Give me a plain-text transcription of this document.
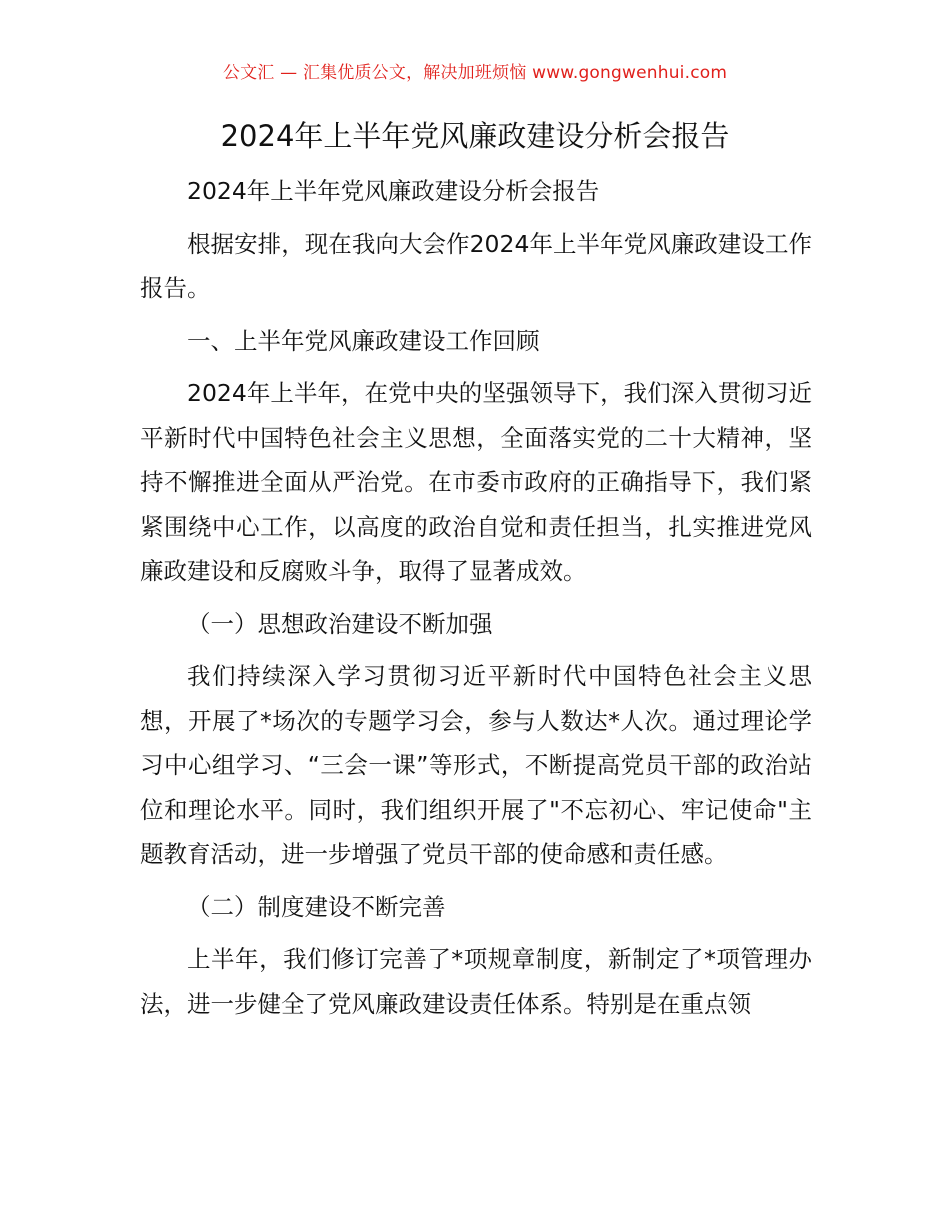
公文汇 — 汇集优质公文，解决加班烦恼 www.gongwenhui.com
2024年上半年党风廉政建设分析会报告

2024年上半年党风廉政建设分析会报告

根据安排，现在我向大会作2024年上半年党风廉政建设工作报告。

一、上半年党风廉政建设工作回顾

2024年上半年，在党中央的坚强领导下，我们深入贯彻习近平新时代中国特色社会主义思想，全面落实党的二十大精神，坚持不懈推进全面从严治党。在市委市政府的正确指导下，我们紧紧围绕中心工作，以高度的政治自觉和责任担当，扎实推进党风廉政建设和反腐败斗争，取得了显著成效。

（一）思想政治建设不断加强

我们持续深入学习贯彻习近平新时代中国特色社会主义思想，开展了*场次的专题学习会，参与人数达*人次。通过理论学习中心组学习、“三会一课”等形式，不断提高党员干部的政治站位和理论水平。同时，我们组织开展了"不忘初心、牢记使命"主题教育活动，进一步增强了党员干部的使命感和责任感。

（二）制度建设不断完善

上半年，我们修订完善了*项规章制度，新制定了*项管理办法，进一步健全了党风廉政建设责任体系。特别是在重点领
